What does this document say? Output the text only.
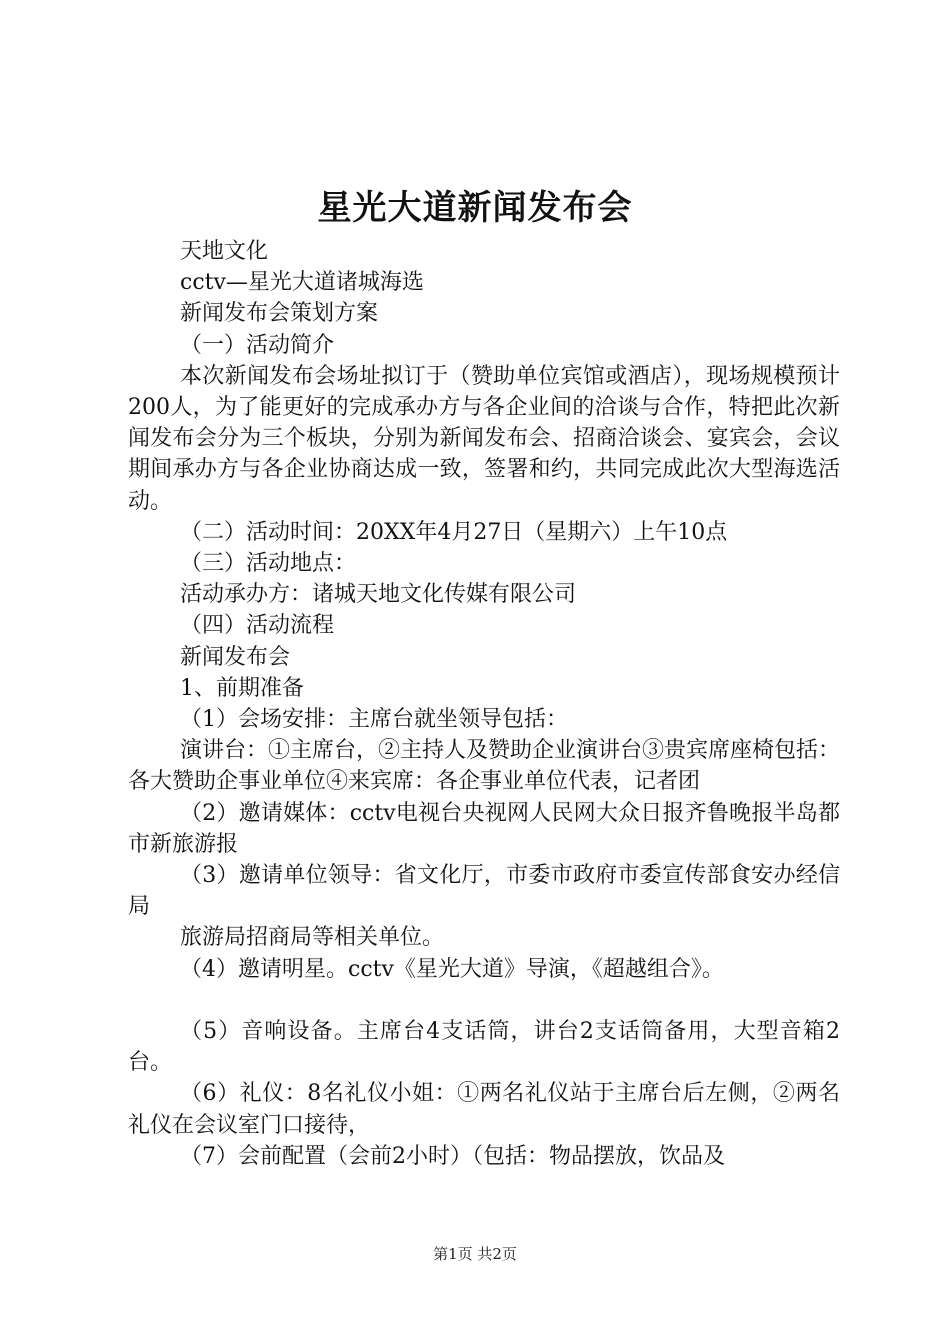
星光大道新闻发布会

天地文化

cctv—星光大道诸城海选

新闻发布会策划方案

（一）活动简介

本次新闻发布会场址拟订于（赞助单位宾馆或酒店），现场规模预计200人，为了能更好的完成承办方与各企业间的洽谈与合作，特把此次新闻发布会分为三个板块，分别为新闻发布会、招商洽谈会、宴宾会，会议期间承办方与各企业协商达成一致，签署和约，共同完成此次大型海选活动。

（二）活动时间：20XX年4月27日（星期六）上午10点

（三）活动地点：

活动承办方：诸城天地文化传媒有限公司

（四）活动流程

新闻发布会

1、前期准备

（1）会场安排：主席台就坐领导包括：

演讲台：①主席台，②主持人及赞助企业演讲台③贵宾席座椅包括：各大赞助企事业单位④来宾席：各企事业单位代表，记者团

（2）邀请媒体：cctv电视台央视网人民网大众日报齐鲁晚报半岛都市新旅游报

（3）邀请单位领导：省文化厅，市委市政府市委宣传部食安办经信局

旅游局招商局等相关单位。

（4）邀请明星。cctv《星光大道》导演，《超越组合》。

（5）音响设备。主席台4支话筒，讲台2支话筒备用，大型音箱2台。

（6）礼仪：8名礼仪小姐：①两名礼仪站于主席台后左侧，②两名礼仪在会议室门口接待，

（7）会前配置（会前2小时）（包括：物品摆放，饮品及

第1页 共2页
